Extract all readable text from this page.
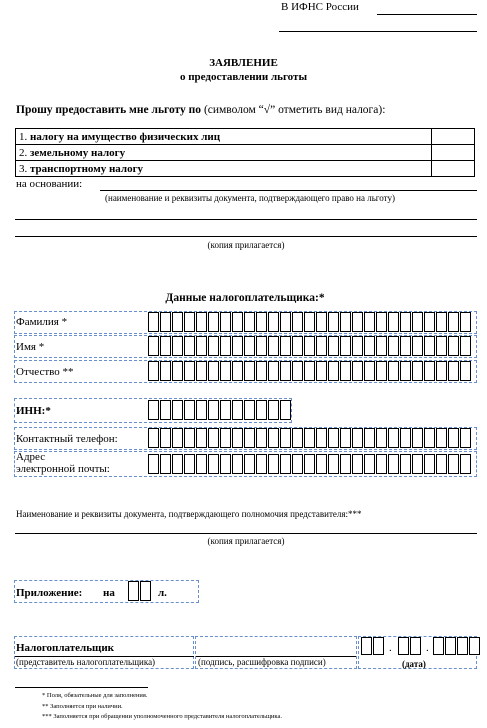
В ИФНС России
ЗАЯВЛЕНИЕ
о предоставлении льготы
Прошу предоставить мне льготу по (символом “√” отметить вид налога):
1. налогу на имущество физических лиц	
2. земельному налогу	
3. транспортному налогу	
на основании:
(наименование и реквизиты документа, подтверждающего право на льготу)
(копия прилагается)
Данные налогоплательщика:*
Фамилия *
Имя *
Отчество **
ИНН:*
Контактный телефон:
Адрес
электронной почты:
Наименование и реквизиты документа, подтверждающего полномочия представителя:***
(копия прилагается)
Приложение: на	л.
Налогоплательщик
(представитель налогоплательщика)	(подпись, расшифровка подписи)
.	.
(дата)
* Поля, обязательные для заполнения.
** Заполняется при наличии.
*** Заполняется при обращении уполномоченного представителя налогоплательщика.
